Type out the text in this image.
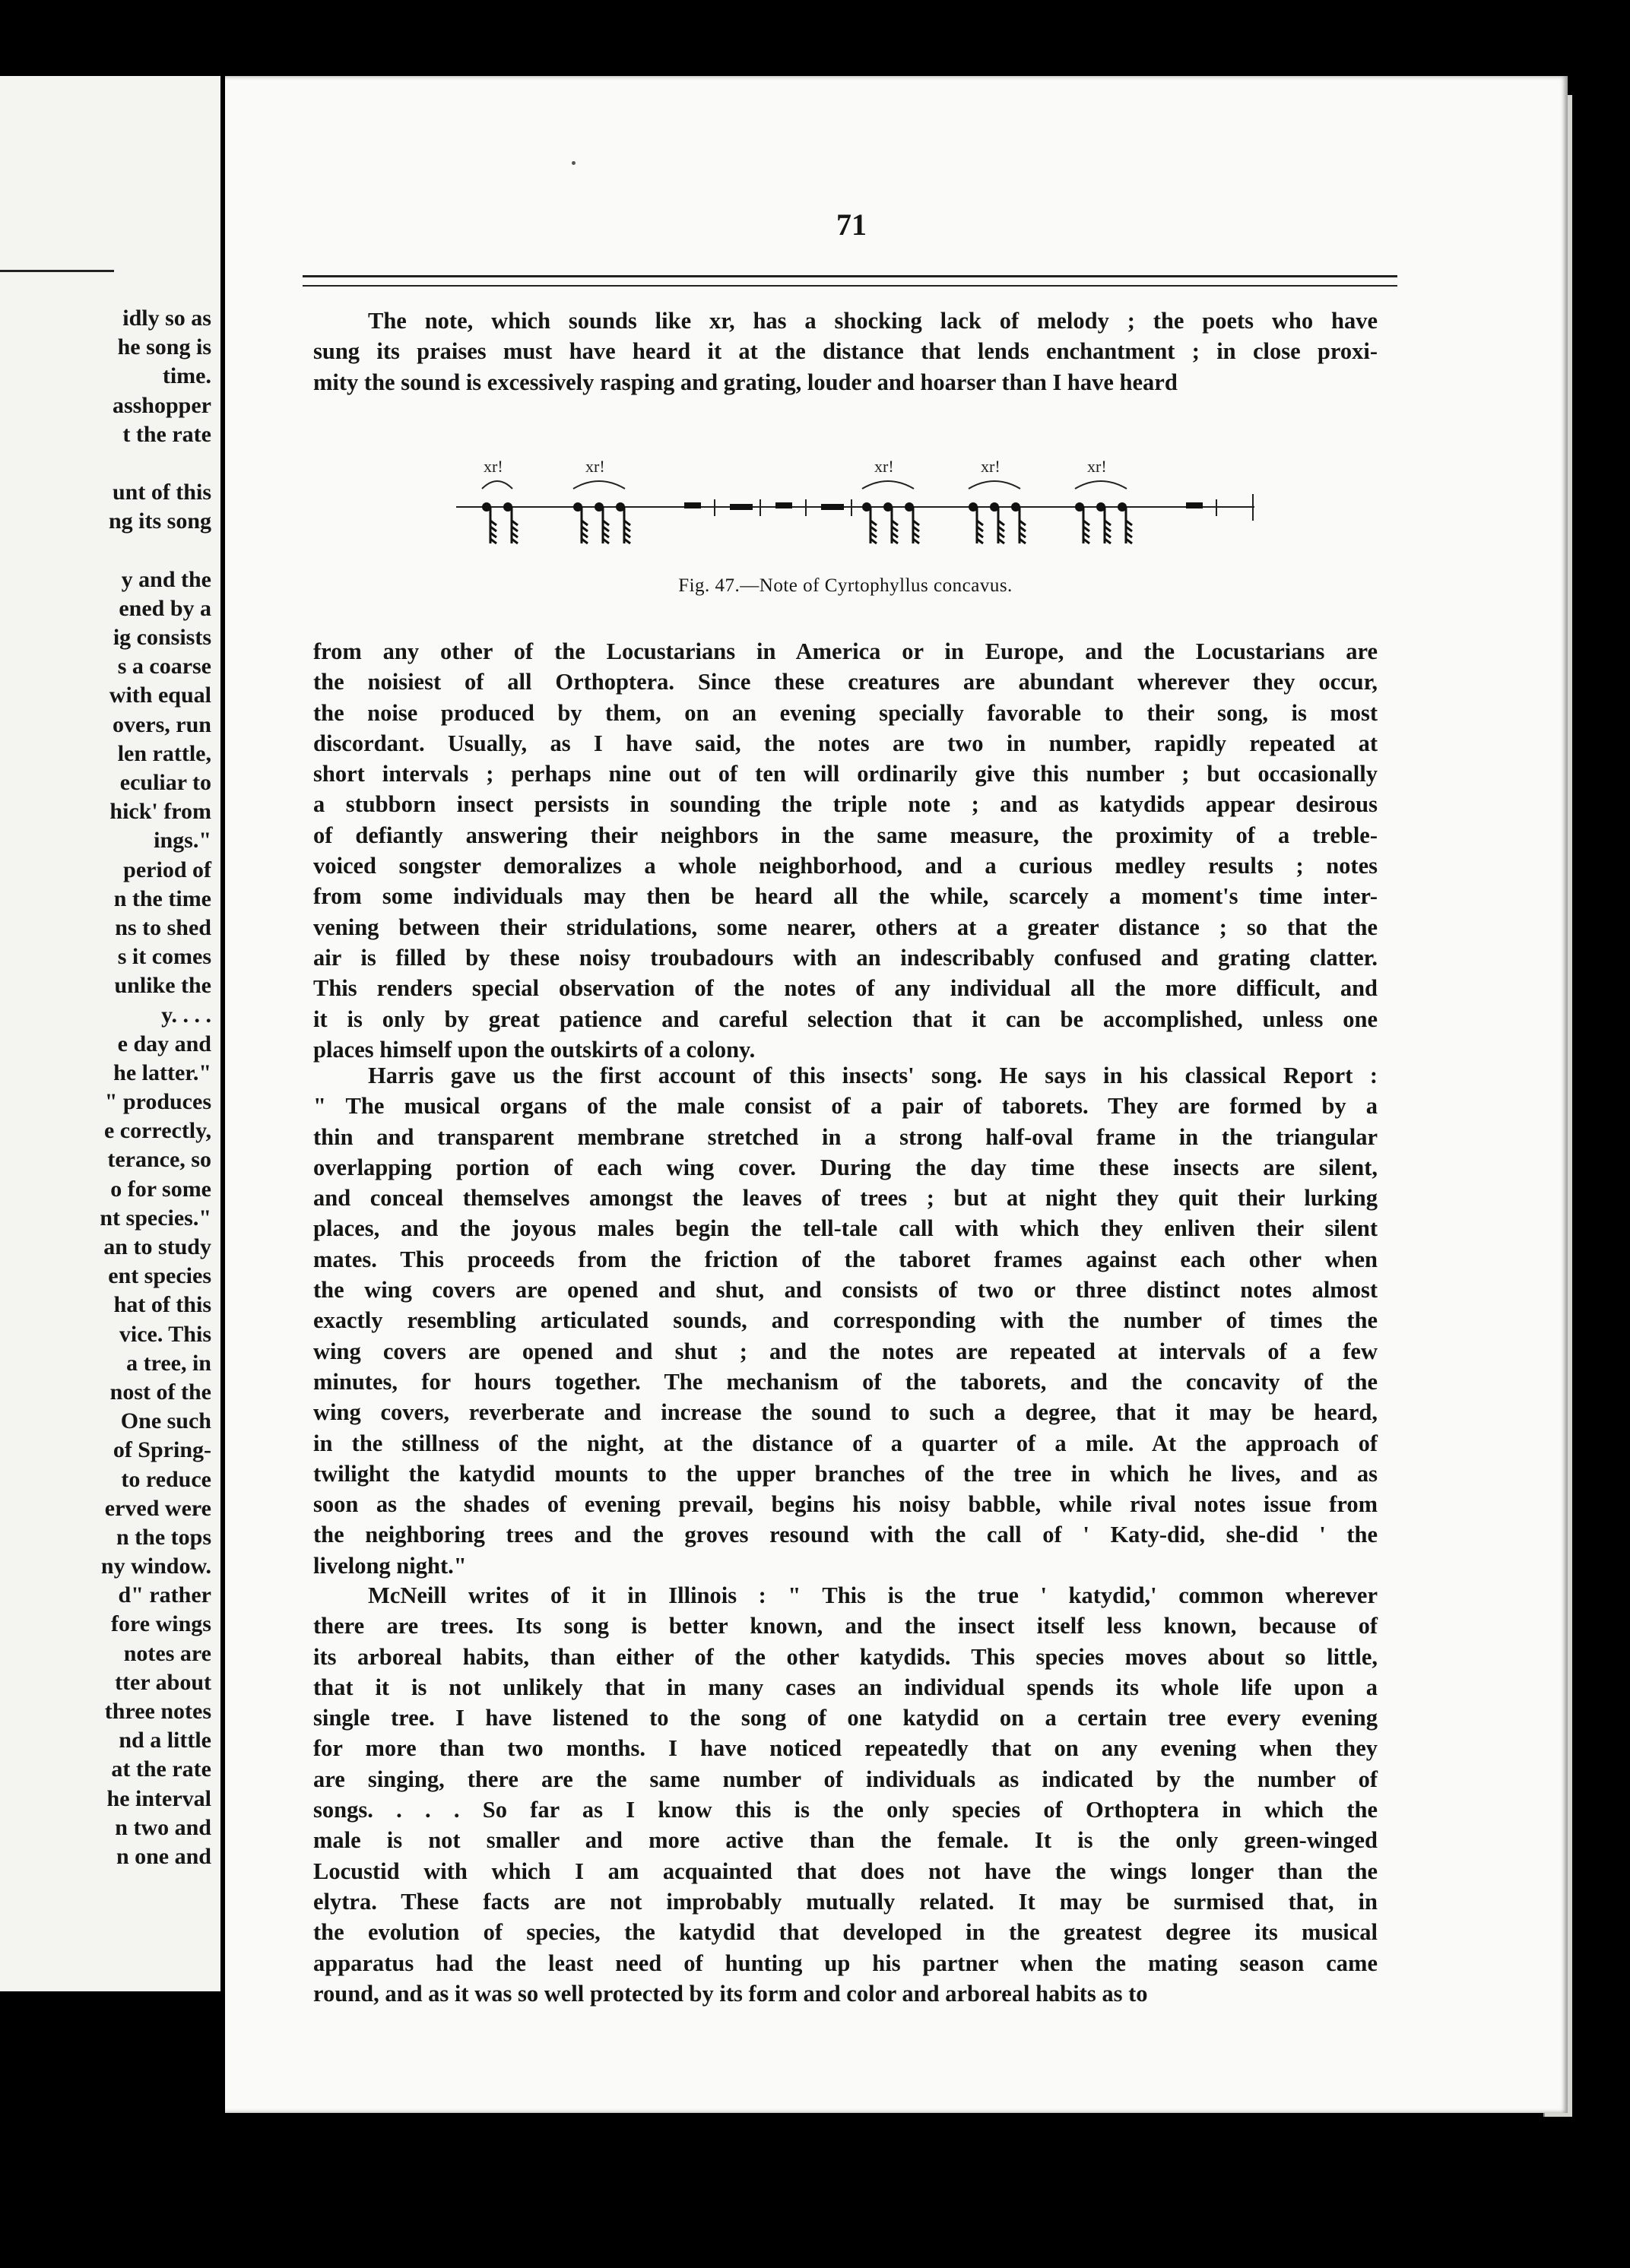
idly so as
he song is
time.
asshopper
t the rate
unt of this
ng its song
y and the
ened by a
ig consists
s a coarse
with equal
overs, run
len rattle,
eculiar to
hick' from
ings."
period of
n the time
ns to shed
s it comes
unlike the
y. . . .
e day and
he latter."
" produces
e correctly,
terance, so
o for some
nt species."
an to study
ent species
hat of this
vice. This
a tree, in
nost of the
One such
of Spring-
to reduce
erved were
n the tops
ny window.
d" rather
fore wings
notes are
tter about
three notes
nd a little
at the rate
he interval
n two and
n one and
71
The note, which sounds like xr, has a shocking lack of melody ; the poets who have
sung its praises must have heard it at the distance that lends enchantment ; in close proxi-
mity the sound is excessively rasping and grating, louder and hoarser than I have heard
xr!	xr!	xr!	xr!	xr!
Fig. 47.—Note of Cyrtophyllus concavus.
from any other of the Locustarians in America or in Europe, and the Locustarians are
the noisiest of all Orthoptera. Since these creatures are abundant wherever they occur,
the noise produced by them, on an evening specially favorable to their song, is most
discordant. Usually, as I have said, the notes are two in number, rapidly repeated at
short intervals ; perhaps nine out of ten will ordinarily give this number ; but occasionally
a stubborn insect persists in sounding the triple note ; and as katydids appear desirous
of defiantly answering their neighbors in the same measure, the proximity of a treble-
voiced songster demoralizes a whole neighborhood, and a curious medley results ; notes
from some individuals may then be heard all the while, scarcely a moment's time inter-
vening between their stridulations, some nearer, others at a greater distance ; so that the
air is filled by these noisy troubadours with an indescribably confused and grating clatter.
This renders special observation of the notes of any individual all the more difficult, and
it is only by great patience and careful selection that it can be accomplished, unless one
places himself upon the outskirts of a colony.
Harris gave us the first account of this insects' song. He says in his classical Report :
" The musical organs of the male consist of a pair of taborets. They are formed by a
thin and transparent membrane stretched in a strong half-oval frame in the triangular
overlapping portion of each wing cover. During the day time these insects are silent,
and conceal themselves amongst the leaves of trees ; but at night they quit their lurking
places, and the joyous males begin the tell-tale call with which they enliven their silent
mates. This proceeds from the friction of the taboret frames against each other when
the wing covers are opened and shut, and consists of two or three distinct notes almost
exactly resembling articulated sounds, and corresponding with the number of times the
wing covers are opened and shut ; and the notes are repeated at intervals of a few
minutes, for hours together. The mechanism of the taborets, and the concavity of the
wing covers, reverberate and increase the sound to such a degree, that it may be heard,
in the stillness of the night, at the distance of a quarter of a mile. At the approach of
twilight the katydid mounts to the upper branches of the tree in which he lives, and as
soon as the shades of evening prevail, begins his noisy babble, while rival notes issue from
the neighboring trees and the groves resound with the call of ' Katy-did, she-did ' the
livelong night."
McNeill writes of it in Illinois : " This is the true ' katydid,' common wherever
there are trees. Its song is better known, and the insect itself less known, because of
its arboreal habits, than either of the other katydids. This species moves about so little,
that it is not unlikely that in many cases an individual spends its whole life upon a
single tree. I have listened to the song of one katydid on a certain tree every evening
for more than two months. I have noticed repeatedly that on any evening when they
are singing, there are the same number of individuals as indicated by the number of
songs. . . . So far as I know this is the only species of Orthoptera in which the
male is not smaller and more active than the female. It is the only green-winged
Locustid with which I am acquainted that does not have the wings longer than the
elytra. These facts are not improbably mutually related. It may be surmised that, in
the evolution of species, the katydid that developed in the greatest degree its musical
apparatus had the least need of hunting up his partner when the mating season came
round, and as it was so well protected by its form and color and arboreal habits as to
